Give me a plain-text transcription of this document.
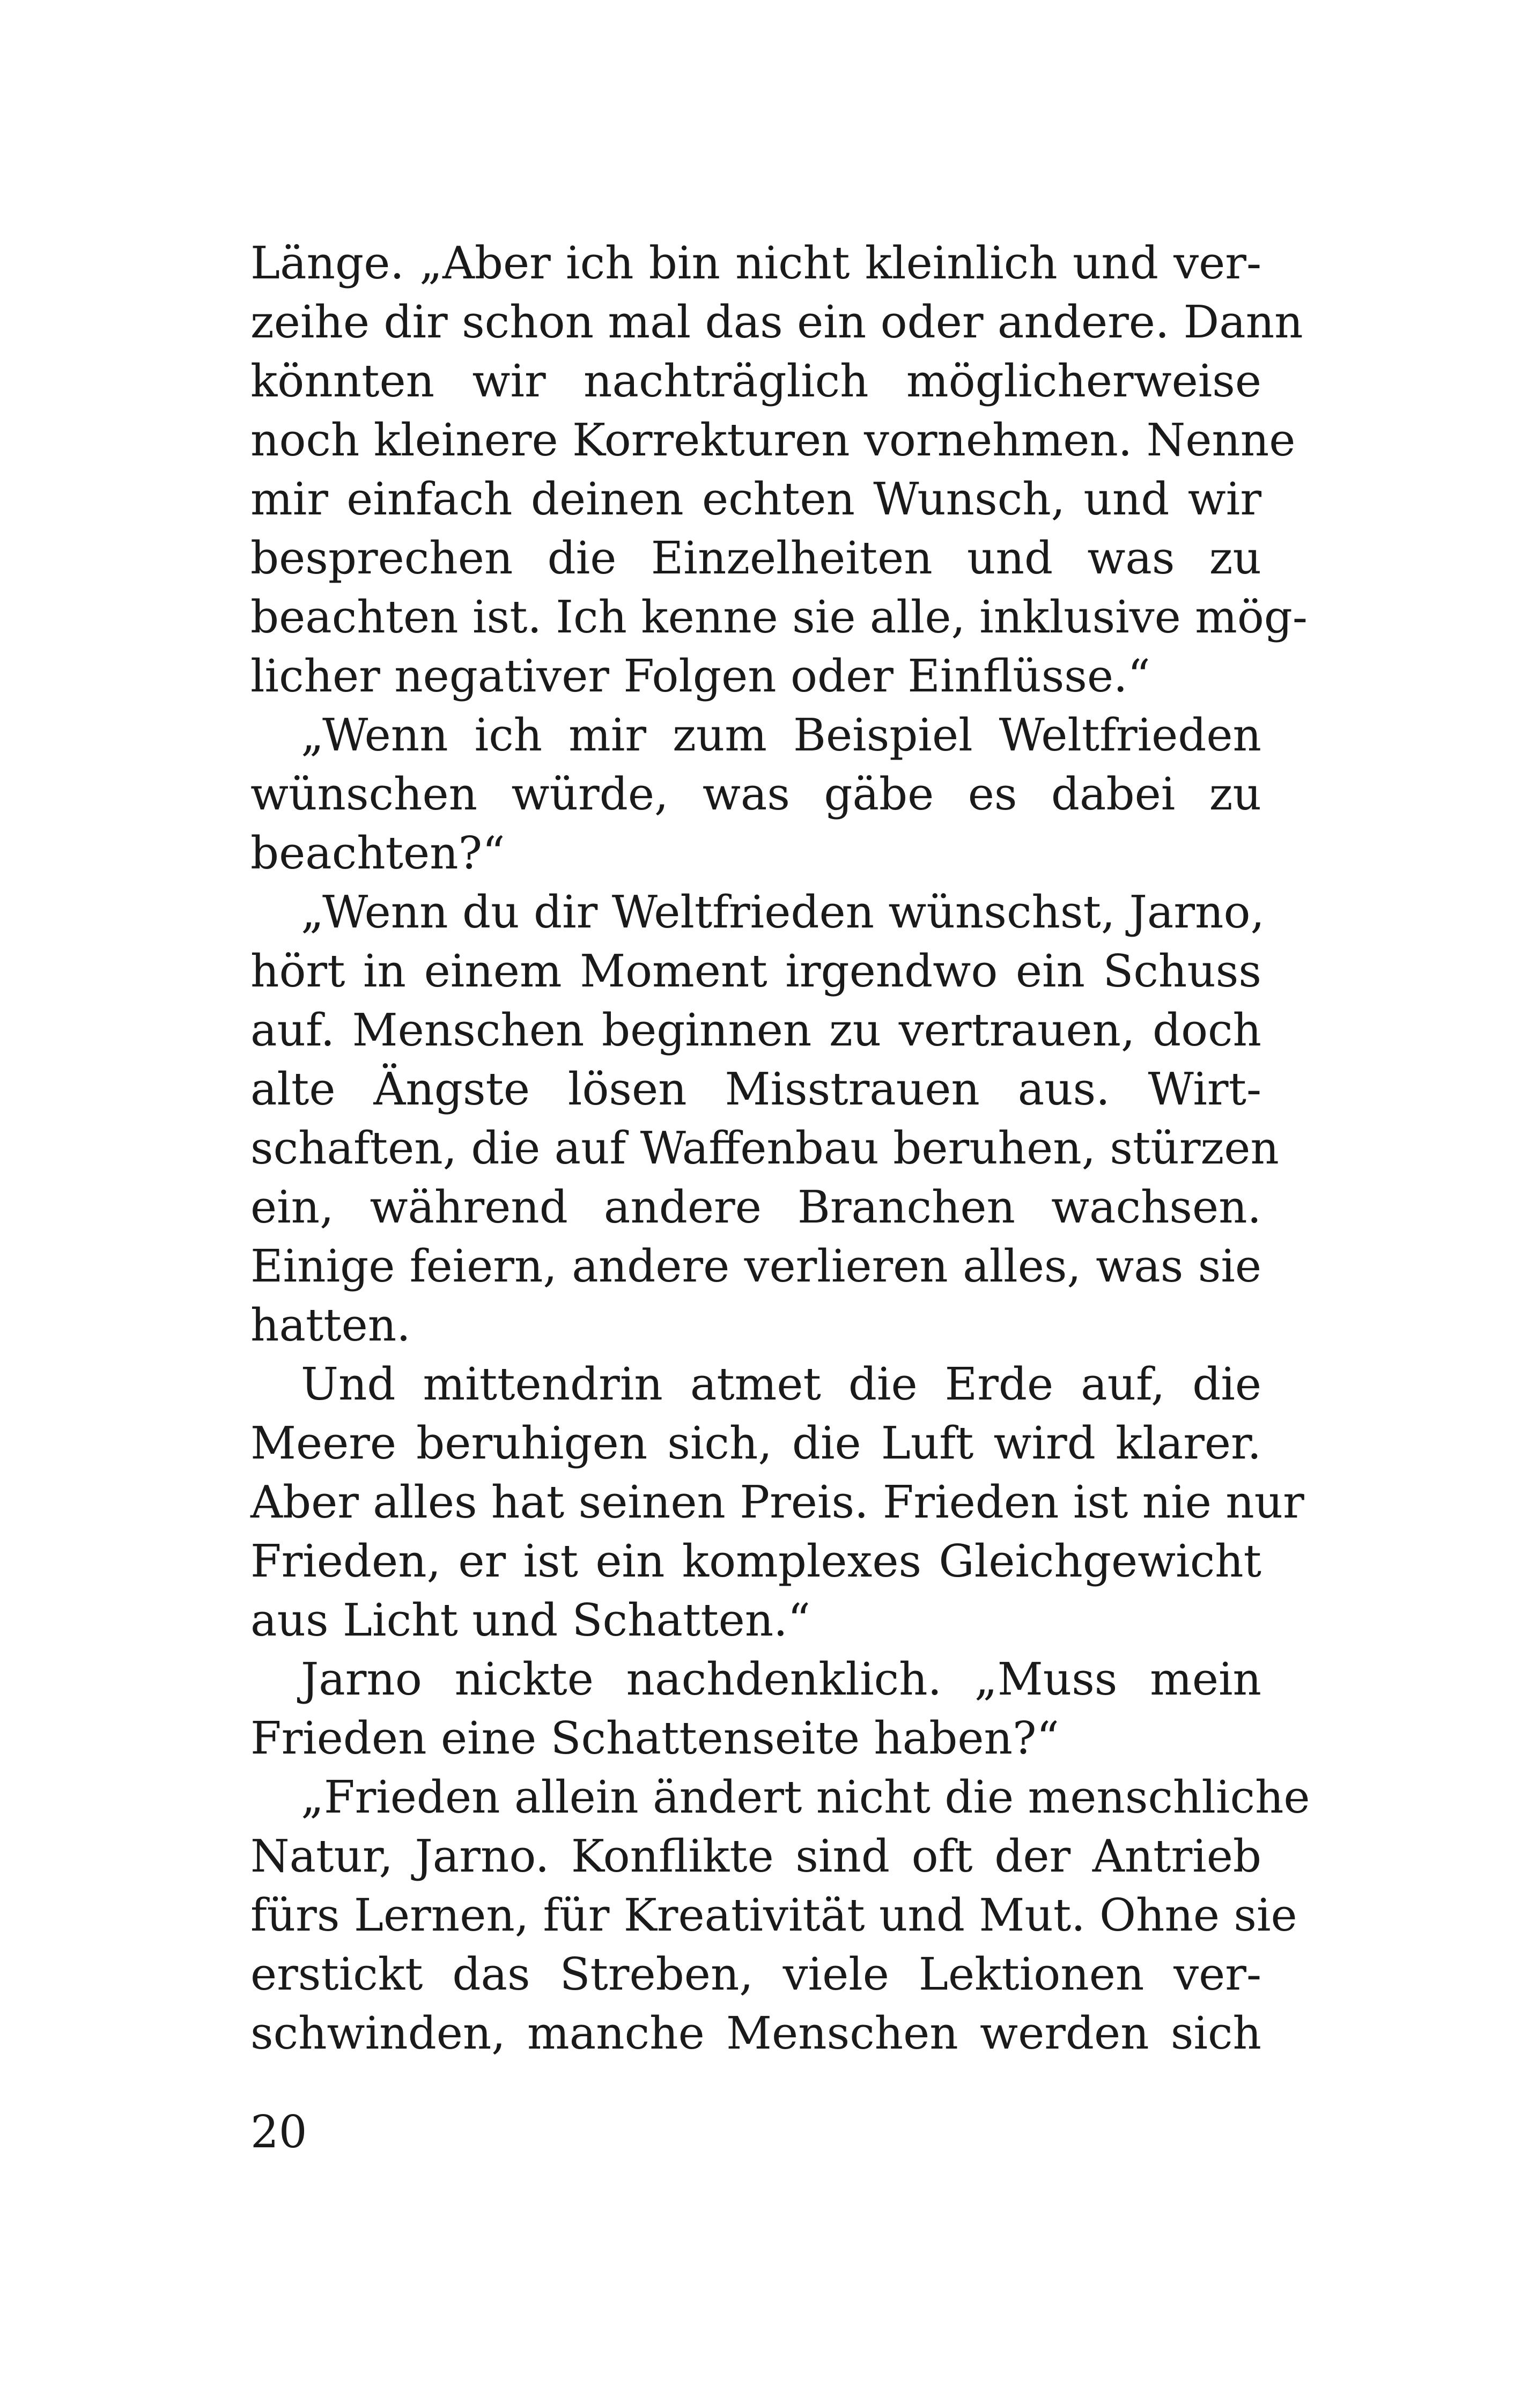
Länge. „Aber ich bin nicht kleinlich und ver-
zeihe dir schon mal das ein oder andere. Dann
könnten wir nachträglich möglicherweise
noch kleinere Korrekturen vornehmen. Nenne
mir einfach deinen echten Wunsch, und wir
besprechen die Einzelheiten und was zu
beachten ist. Ich kenne sie alle, inklusive mög-
licher negativer Folgen oder Einflüsse.“
„Wenn ich mir zum Beispiel Weltfrieden
wünschen würde, was gäbe es dabei zu
beachten?“
„Wenn du dir Weltfrieden wünschst, Jarno,
hört in einem Moment irgendwo ein Schuss
auf. Menschen beginnen zu vertrauen, doch
alte Ängste lösen Misstrauen aus. Wirt-
schaften, die auf Waffenbau beruhen, stürzen
ein, während andere Branchen wachsen.
Einige feiern, andere verlieren alles, was sie
hatten.
Und mittendrin atmet die Erde auf, die
Meere beruhigen sich, die Luft wird klarer.
Aber alles hat seinen Preis. Frieden ist nie nur
Frieden, er ist ein komplexes Gleichgewicht
aus Licht und Schatten.“
Jarno nickte nachdenklich. „Muss mein
Frieden eine Schattenseite haben?“
„Frieden allein ändert nicht die menschliche
Natur, Jarno. Konflikte sind oft der Antrieb
fürs Lernen, für Kreativität und Mut. Ohne sie
erstickt das Streben, viele Lektionen ver-
schwinden, manche Menschen werden sich
20
